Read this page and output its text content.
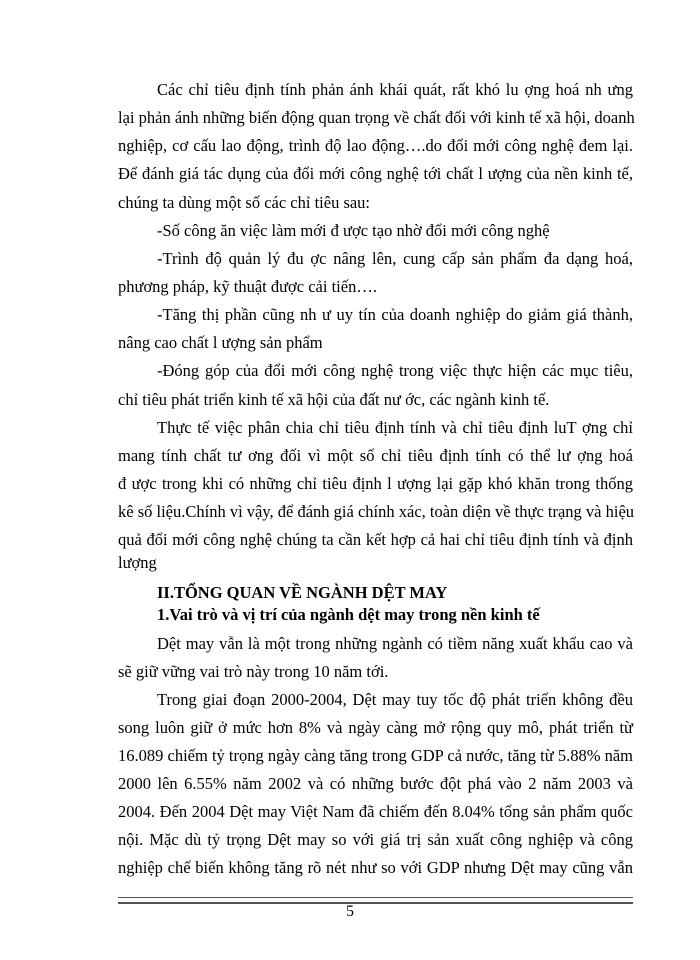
Các chỉ tiêu định tính phản ánh khái quát, rất khó lu ợng hoá nh ưng
lại phản ánh những biến động quan trọng về chất đối với kinh tế xã hội, doanh
nghiệp, cơ cấu lao động, trình độ lao động….do đổi mới công nghệ đem lại.
Để đánh giá tác dụng của đổi mới công nghệ tới chất l ượng của nền kinh tế,
chúng ta dùng một số các chỉ tiêu sau:
-Số công ăn việc làm mới đ ược tạo nhờ đổi mới công nghệ
-Trình độ quản lý đu ợc nâng lên, cung cấp sản phẩm đa dạng hoá,
phương pháp, kỹ thuật được cải tiến….
-Tăng thị phần cũng nh ư uy tín của doanh nghiệp do giảm giá thành,
nâng cao chất l ượng sản phẩm
-Đóng góp của đổi mới công nghệ trong việc thực hiện các mục tiêu,
chỉ tiêu phát triển kinh tế xã hội của đất nư ớc, các ngành kinh tế.
Thực tế việc phân chia chỉ tiêu định tính và chỉ tiêu định luT ợng chỉ
mang tính chất tư ơng đối vì một số chỉ tiêu định tính có thể lư ợng hoá
đ ược trong khi có những chỉ tiêu định l ượng lại gặp khó khăn trong thống
kê số liệu.Chính vì vậy, để đánh giá chính xác, toàn diện về thực trạng và hiệu
quả đổi mới công nghệ chúng ta cần kết hợp cả hai chỉ tiêu định tính và định
lượng
II.TỔNG QUAN VỀ NGÀNH DỆT MAY
1.Vai trò và vị trí của ngành dệt may trong nền kinh tế
Dệt may vẫn là một trong những ngành có tiềm năng xuất khẩu cao và
sẽ giữ vững vai trò này trong 10 năm tới.
Trong giai đoạn 2000-2004, Dệt may tuy tốc độ phát triển không đều
song luôn giữ ở mức hơn 8% và ngày càng mở rộng quy mô, phát triển từ
16.089 chiếm tỷ trọng ngày càng tăng trong GDP cả nước, tăng từ 5.88% năm
2000 lên 6.55% năm 2002 và có những bước đột phá vào 2 năm 2003 và
2004. Đến 2004 Dệt may Việt Nam đã chiếm đến 8.04% tổng sản phẩm quốc
nội. Mặc dù tỷ trọng Dệt may so với giá trị sản xuất công nghiệp và công
nghiệp chế biến không tăng rõ nét như so với GDP nhưng Dệt may cũng vẫn
5
